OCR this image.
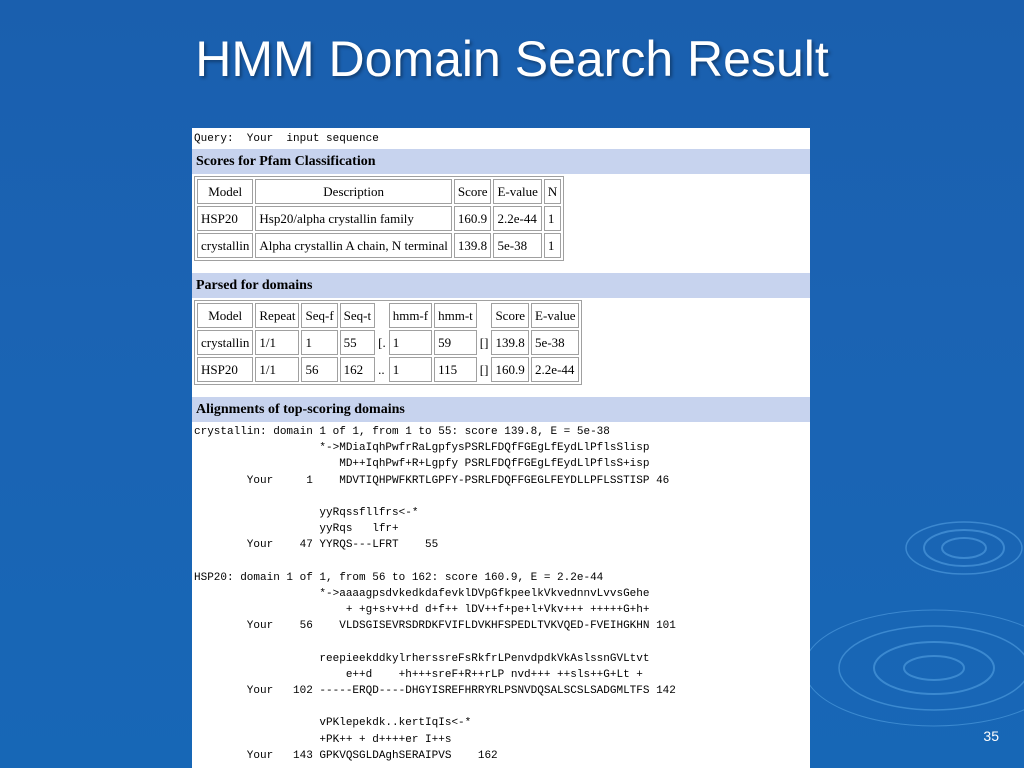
HMM Domain Search Result
Query:  Your  input sequence
Scores for Pfam Classification
Model	Description	Score	E-value	N
HSP20	Hsp20/alpha crystallin family	160.9	2.2e-44	1
crystallin	Alpha crystallin A chain, N terminal	139.8	5e-38	1
Parsed for domains
Model	Repeat	Seq-f	Seq-t		hmm-f	hmm-t		Score	E-value
crystallin	1/1	1	55	[.	1	59	[]	139.8	5e-38
HSP20	1/1	56	162	..	1	115	[]	160.9	2.2e-44
Alignments of top-scoring domains
crystallin: domain 1 of 1, from 1 to 55: score 139.8, E = 5e-38
*->MDiaIqhPwfrRaLgpfysPSRLFDQfFGEgLfEydLlPflsSlisp
MD++IqhPwf+R+Lgpfy PSRLFDQfFGEgLfEydLlPflsS+isp
Your     1    MDVTIQHPWFKRTLGPFY-PSRLFDQFFGEGLFEYDLLPFLSSTISP 46
yyRqssfllfrs<-*
yyRqs   lfr+
Your    47 YYRQS---LFRT    55
HSP20: domain 1 of 1, from 56 to 162: score 160.9, E = 2.2e-44
*->aaaagpsdvkedkdafevklDVpGfkpeelkVkvednnvLvvsGehe
+ +g+s+v++d d+f++ lDV++f+pe+l+Vkv+++ +++++G+h+
Your    56    VLDSGISEVRSDRDKFVIFLDVKHFSPEDLTVKVQED-FVEIHGKHN 101
reepieekddkylrherssreFsRkfrLPenvdpdkVkAslssnGVLtvt
e++d    +h+++sreF+R++rLP nvd+++ ++sls++G+Lt +
Your   102 -----ERQD----DHGYISREFHRRYRLPSNVDQSALSCSLSADGMLTFS 142
vPKlepekdk..kertIqIs<-*
+PK++ + d++++er I++s
Your   143 GPKVQSGLDAghSERAIPVS    162
35
